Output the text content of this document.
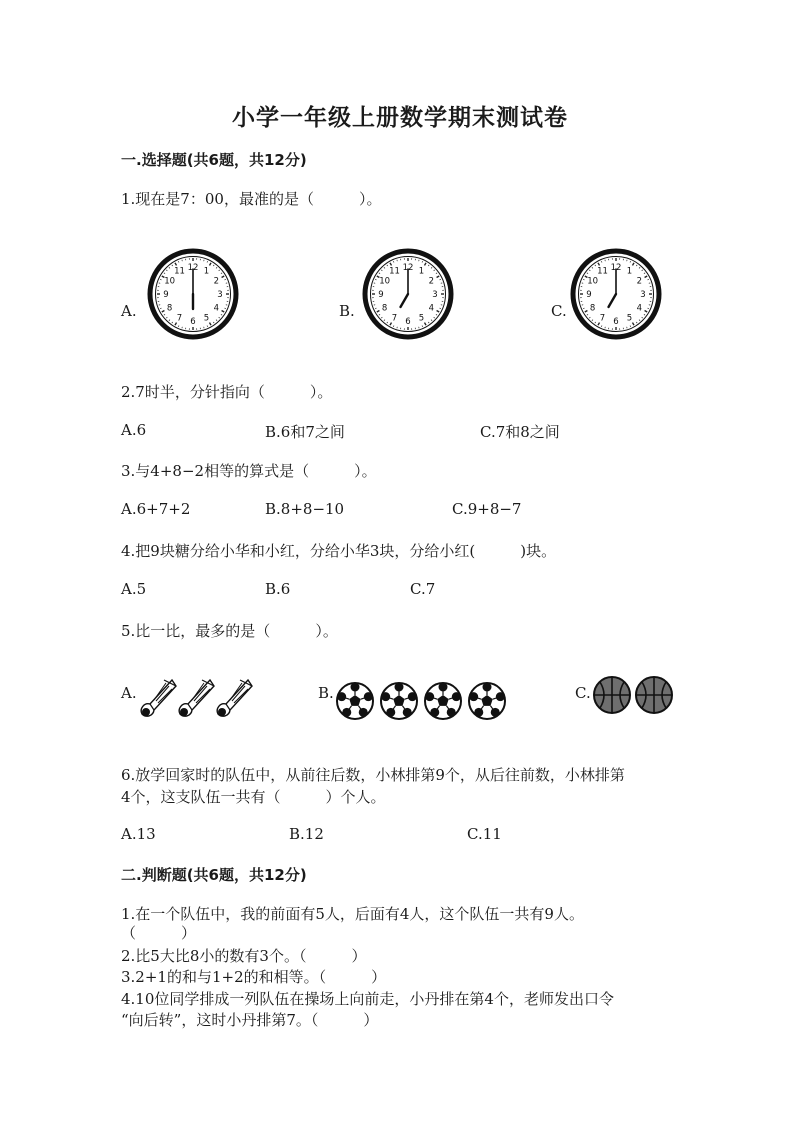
小学一年级上册数学期末测试卷
一.选择题(共6题，共12分)
1.现在是7：00，最准的是（　　　）。
A.
12 1
2
3
4
5
6
7
8
9
10
11
B.
12 1
2
3
4
5
6
7
8
9
10
11
C.
12 1
2
3
4
5
6
7
8
9
10
11
2.7时半，分针指向（　　　）。
A.6	B.6和7之间	C.7和8之间
3.与4+8−2相等的算式是（　　　）。
A.6+7+2	B.8+8−10	C.9+8−7
4.把9块糖分给小华和小红，分给小华3块，分给小红(　　　)块。
A.5	B.6	C.7
5.比一比，最多的是（　　　）。
A.	B.	C.
6.放学回家时的队伍中，从前往后数，小林排第9个，从后往前数，小林排第
4个，这支队伍一共有（　　　）个人。
A.13	B.12	C.11
二.判断题(共6题，共12分)
1.在一个队伍中，我的前面有5人，后面有4人，这个队伍一共有9人。
（　　　）
2.比5大比8小的数有3个。（　　　）
3.2+1的和与1+2的和相等。（　　　）
4.10位同学排成一列队伍在操场上向前走，小丹排在第4个，老师发出口令
“向后转”，这时小丹排第7。（　　　）
